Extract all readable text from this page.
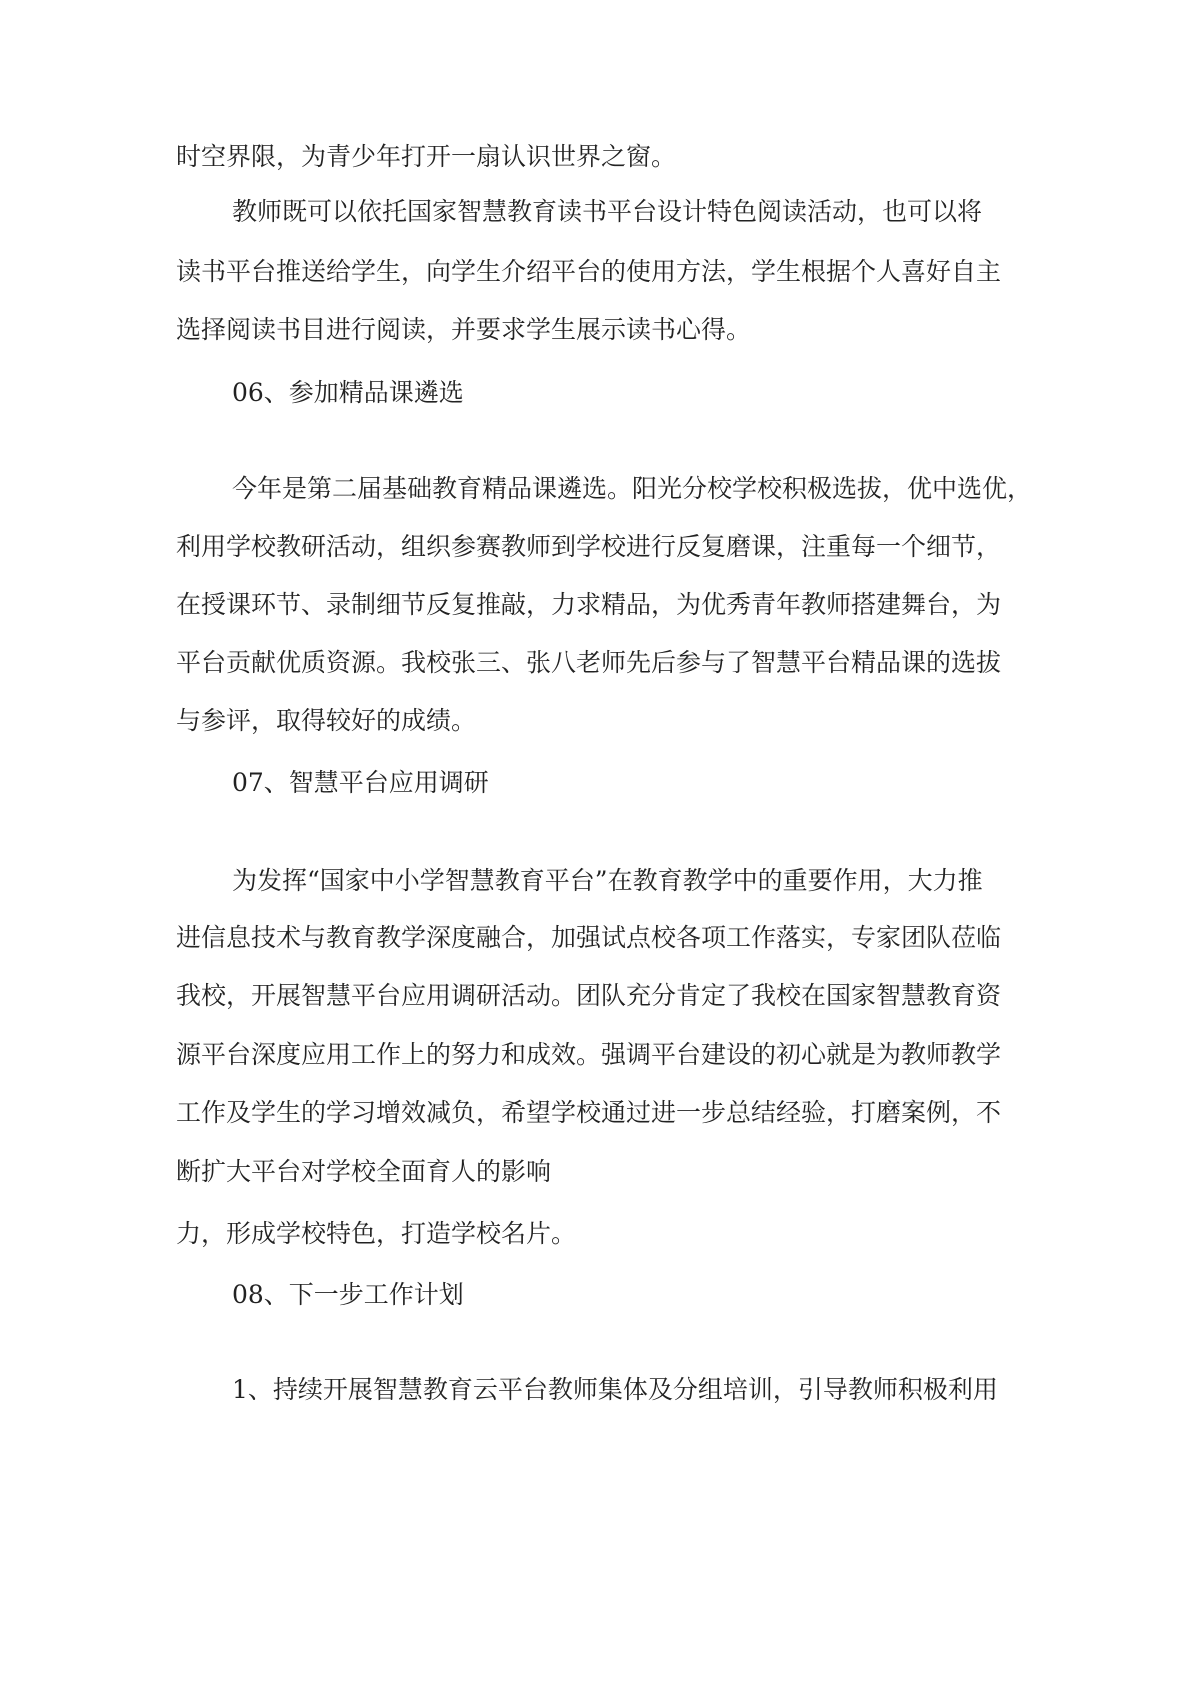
时空界限，为青少年打开一扇认识世界之窗。

教师既可以依托国家智慧教育读书平台设计特色阅读活动，也可以将

读书平台推送给学生，向学生介绍平台的使用方法，学生根据个人喜好自主

选择阅读书目进行阅读，并要求学生展示读书心得。

06、参加精品课遴选

今年是第二届基础教育精品课遴选。阳光分校学校积极选拔，优中选优，

利用学校教研活动，组织参赛教师到学校进行反复磨课，注重每一个细节，

在授课环节、录制细节反复推敲，力求精品，为优秀青年教师搭建舞台，为

平台贡献优质资源。我校张三、张八老师先后参与了智慧平台精品课的选拔

与参评，取得较好的成绩。

07、智慧平台应用调研

为发挥“国家中小学智慧教育平台”在教育教学中的重要作用，大力推

进信息技术与教育教学深度融合，加强试点校各项工作落实，专家团队莅临

我校，开展智慧平台应用调研活动。团队充分肯定了我校在国家智慧教育资

源平台深度应用工作上的努力和成效。强调平台建设的初心就是为教师教学

工作及学生的学习增效减负，希望学校通过进一步总结经验，打磨案例，不

断扩大平台对学校全面育人的影响

力，形成学校特色，打造学校名片。

08、下一步工作计划

1、持续开展智慧教育云平台教师集体及分组培训，引导教师积极利用
